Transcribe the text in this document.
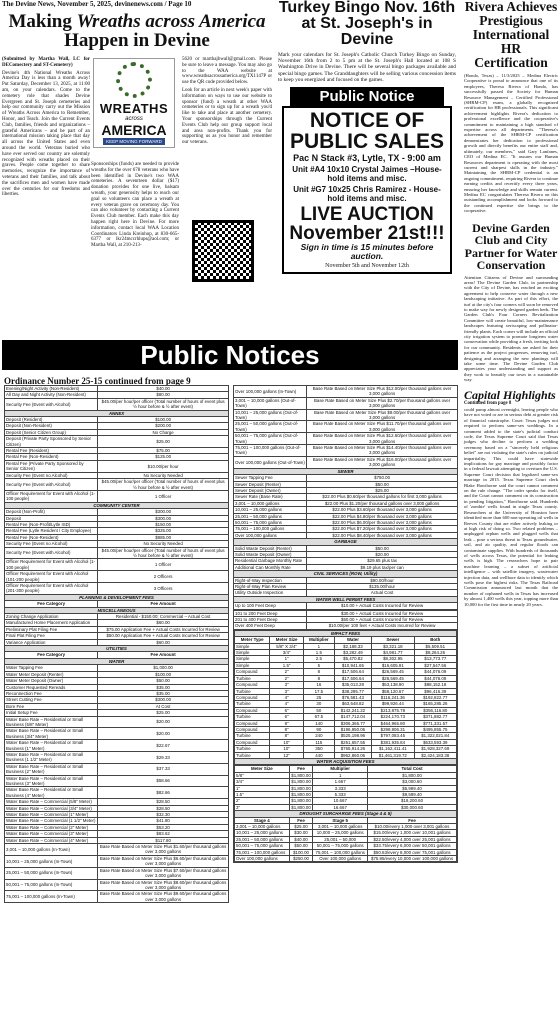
The Devine News, November 5, 2025, devinenews.com / Page 10
Making Wreaths across America
Happen in Devine
(Submitted by Martha Wall, LC for DEComectery and ST-Cemetery)
Devine's 4th National Wreaths Across America Day is less than a month away! Put Saturday, December 13, 2025, at 11:00 am, on your calendars. Come to the cemetery role that shades Devine Evergreen and St. Joseph cemeteries and help our community carry out the Mission of Wreaths Across America to Remember, Honor, and Teach. Join the Current Events Club, families, friends and organizations – grateful Americans – and be part of an international mission taking place that day all across the United States and even around the world. Veterans buried who have ever served our country are solemnly recognized with wreaths placed on their graves. People come together to share memories, recognize the importance of veterans and their families, and talk about the sacrifices men and women have made over the centuries for our freedoms and liberties.
WREATHS
across
AMERICA
KEEP MOVING FORWARD
Sponsorships (funds) are needed to provide wreaths for the over 678 veterans who have been identified in Devine's two WAA cemeteries. A sevenrteen dollar ($17) donation provides for one live, balsam wreath, your generosity helps to reach our goal so volunteers can place a wreath at every veteran grave on ceremony day. You can also volunteer by contacting a Current Events Club member. Each make this day happen right here in Devine. For more information, contact local WAA Location Coordinators Linda Kreinhop, at 830-665-6377 or lkr24mccrhlups@aol.com; or Martha Wall, at 210-213-
5620 or marthajbwall@gmail.com. Please be sure to leave a message. You may also go to the WAA website at www.wreathsacrossamerica.org/TX1147P or use the QR code provided below.
Look for an article in next week's paper with information on ways to use our website to sponsor (fund) a wreath at other WAA cemeteries or to sign up for a wreath you'd like to take and place at another cemetery. Your sponsorships through the Current Events Club help our group support local and area non-profits. Thank you for supporting us as you honor and remember our veterans.
Turkey Bingo Nov. 16th at St. Joseph's in Devine
Mark your calendars for St. Joseph's Catholic Church Turkey Bingo on Sunday, November 16th from 2 to 5 pm at the St. Joseph's Hall located at 108 S Washington Drive in Devine. There will be several bingo packages available and special bingo games. The Granddaughters will be selling various concession items to keep you energized and focused on the games.
Public Notice
NOTICE OF PUBLIC SALES
Pac N Stack #3, Lytle, TX - 9:00 am
Unit #A4 10x10 Crystal Jaimes –House-hold items and misc.
Unit #G7 10x25 Chris Ramirez - House-hold items and misc.
LIVE AUCTION November 21st!!!
Sign in time is 15 minutes before auction.
November 5th and November 12th
Rivera Achieves Prestigious International HR Certification
(Hondo, Texas) – 11/3/2025 – Medina Electric Cooperative is proud to announce that one of its employees, Theresa Rivera of Hondo, has successfully passed the Society for Human Resource Management – Certified Professional (SHRM-CP) exam, a globally recognized certification for HR professionals. This significant achievement highlights Rivera's dedication to professional excellence and the cooperative's commitment to maintaining a high standard of expertise across all departments. "Theresa's achievement of the SHRM-CP certification demonstrates her dedication to professional growth and directly benefits our entire staff and, ultimately, our members," said Gary Lanfanes, CEO of Medina EC. "It assures our Human Resources department is operating with the most current and sharpest skills in the industry." Maintaining the SHRM-CP credential is an ongoing commitment, requiring Rivera to continue earning credits and recertify every three years, ensuring her knowledge and skills remain current. Medina EC congratulates Theresa Rivera on this outstanding accomplishment and looks forward to the continued expertise she brings to the cooperative.
Devine Garden Club and City Partner for Water Conservation
Attention Citizens of Devine and surrounding areas! The Devine Garden Club, in partnership with the City of Devine, has reached an exciting agreement to help conserve water through a new landscaping initiative. As part of this effort, the turf at the city's four corners will soon be removed to make way for newly designed garden beds. The Garden Club's Four Corners Revitalization Committee will create beautiful, low-maintenance landscapes featuring xeriscaping and pollinator-friendly plants. Each corner will include an official city irrigation system to promote longterm water conservation while providing a fresh, inviting look for our community. Residents are asked for their patience as the project progresses, removing turf, designing and arranging the new plantings will take some time. The Devine Garden Club appreciates your understanding and support as they work to beautify our town in a sustainable way.
Capital Highlights
Continued from page 8
could pump almost overnight, leaving people who have not voted or are in serious debt at greater risk of financial catastrophe. Court: Texas judges not required to perform same-sex weddings. In a comment added to the state's judicial conduct code, the Texas Supreme Court said that Texas judges who decline to perform a wedding ceremony based on a "sincerely held religious belief" are not violating the state's rules on judicial impartiality. This could have statewide implications for gay marriage and possibly factor in a federal lawsuit attempting to overturn the U.S. Supreme Court decision that legalized same-sex marriage in 2015. Texas Supreme Court clerk Blake Hawthorne said the court cannot comment on the rule change. "The order speaks for itself, and the Court cannot comment on its construction in pending litigation," Hawthorne said. Hundreds of 'zombie' wells found in single Texas county. Researchers at the University of Houston have identified more than 600 non-operating oil wells in Reeves County that are either actively leaking or at high risk of doing so. Two related problems – unplugged orphan wells and plugged wells that leak – pose a serious threat to Texas groundwater, soil, and air quality, and regular floods can contaminate supplies. With hundreds of thousands of wells across Texas, the potential for leaking wells is high. The researchers hope to pair machine learning – a subset of artificial intelligence – with satellite imagery, wastewater injection data, and wellbore data to identify which wells pose the highest risks. The Texas Railroad Commission announced last month that the number of orphaned wells in Texas has increased by almost 1,400 wells this year, topping more than 10,000 for the first time in nearly 20 years.
Public Notices
Ordinance Number 25-15 continued from page 9
Evening/Night Activity (Non-Resident)	$40.00
All Day and Night Activity (Non-Resident)	$80.00
Security Fee (Event with Alcohol)	$45.00/per hour/per officer (Total number of hours of event plus ½ hour before & ½ after event)
ANNEX	
Deposit (Resident)	$100.00
Deposit (Non-Resident)	$200.00
Deposit (Senior Citizen Group)	No Charge
Deposit (Private Party Sponsored by Senior Citizen)	$25.00
Rental Fee (Resident)	$75.00
Rental Fee (Non-Resident)	$125.00
Rental Fee (Private Party Sponsored by Senior Citizen)	$10.00/per hour
Security Fee (Event no Alcohol)	No Security Needed
Security Fee (Event with Alcohol)	$45.00/per hour/per officer (Total number of hours of event plus ½ hour before & ½ after event)
Officer Requirement for Event with Alcohol (1-100 people)	1 Officer
COMMUNITY CENTER	
Deposit (Non-Profit)	$300.00
Deposit	$300.00
Rental Fee (Non-Profit/Lytle ISD)	$150.00
Rental Fee (Lytle Resident / City Employee)	$325.00
Rental Fee (Non-Resident)	$885.00
Security Fee (Event no Alcohol)	No Security Needed
Security Fee (Event with Alcohol)	$45.00/per hour/per officer (Total number of hours of event plus ½ hour before & ½ after event)
Officer Requirement for Event with Alcohol (1-100 people)	1 Officer
Officer Requirement for Event with Alcohol (101-200 people)	2 Officers
Officer Requirement for Event with Alcohol (201-300 people)	3 Officers
PLANNING & DEVELOPMENT FEES	
Fee Category	Fee Amount
MISCELLANEOUS	
Zoning Change Application	Residential - $150.00; Commercial – Actual Cost
Manufactured Home Placement Application	$60.00
Preliminary Plat Filing Fee	$75.00 Application Fee + Actual Costs Incurred for Review
Final Plat Filing Fee	$50.00 Application Fee + Actual Costs Incurred for Review
Variance Application	$60.00
UTILITIES	
Fee Category	Fee Amount
WATER	
Water Tapping Fee	$1,000.00
Water Meter Deposit (Renter)	$100.00
Water Meter Deposit (Owner)	$50.00
Customer Requested Rereads	$35.00
Reconnection Fee	$35.00
Street Cutting Fee	$300.00
Bore Fee	At Cost
Initial Setup Fee	$25.00
Water Base Rate – Residential or Small Business (5/8" Meter)	$20.00
Water Base Rate – Residential or Small Business (3/4" Meter)	$20.00
Water Base Rate – Residential or Small Business (1" Meter)	$22.67
Water Base Rate – Residential or Small Business (1 1/2" Meter)	$29.33
Water Base Rate – Residential or Small Business (2" Meter)	$37.33
Water Base Rate – Residential or Small Business (3" Meter)	$58.66
Water Base Rate – Residential or Small Business (4" Meter)	$82.66
Water Base Rate – Commercial (5/8" Meter)	$28.50
Water Base Rate – Commercial (3/4" Meter)	$28.50
Water Base Rate – Commercial (1" Meter)	$32.30
Water Base Rate – Commercial (1 1/2" Meter)	$41.80
Water Base Rate – Commercial (2" Meter)	$53.20
Water Base Rate – Commercial (3" Meter)	$83.62
Water Base Rate – Commercial (4" Meter)	$117.80
3,001 – 10,000 gallons (In-Town)	Base Rate Based on Meter Size Plus $1.60/per thousand gallons over 3,000 gallons
10,001 – 25,000 gallons (In-Town)	Base Rate Based on Meter Size Plus $6.60/per thousand gallons over 3,000 gallons
25,001 – 50,000 gallons (In-Town)	Base Rate Based on Meter Size Plus $7.60/per thousand gallons over 3,000 gallons
50,001 – 75,000 gallons (In-Town)	Base Rate Based on Meter Size Plus $8.60/per thousand gallons over 3,000 gallons
75,001 – 100,000 gallons (In-Town)	Base Rate Based on Meter Size Plus $9.60/per thousand gallons over 3,000 gallons
Over 100,000 gallons (In-Town)	Base Rate Based on Meter Size Plus $12.00/per thousand gallons over 3,000 gallons
3,001 – 10,000 gallons (Out-of-Town)	Base Rate Based on Meter Size Plus $2.70/per thousand gallons over 3,000 gallons
10,001 – 25,000 gallons (Out-of-Town)	Base Rate Based on Meter Size Plus $9.00/per thousand gallons over 3,000 gallons
25,001 – 50,000 gallons (Out-of-Town)	Base Rate Based on Meter Size Plus $11.70/per thousand gallons over 3,000 gallons
50,001 – 75,000 gallons (Out-of-Town)	Base Rate Based on Meter Size Plus $12.60/per thousand gallons over 3,000 gallons
75,001 – 100,000 gallons (Out-of-Town)	Base Rate Based on Meter Size Plus $14.40/per thousand gallons over 3,000 gallons
Over 100,000 gallons (Out-of-Town)	Base Rate Based on Meter Size Plus $16.00/per thousand gallons over 3,000 gallons
SEWER
Sewer Tapping Fee	$750.00
Sewer Deposit (Renter)	$50.00
Sewer Deposit (Owner)	$25.00
Sewer Rate (Base Rate)	$22.00 Plus $0.60/per thousand gallons for first 3,000 gallons
3,001 – 10,000 gallons	$22.00 Plus $1.20/per thousand gallons over 3,000 gallons
10,001 – 25,000 gallons	$22.00 Plus $3.60/per thousand over 3,000 gallons
25,001 – 50,000 gallons	$22.00 Plus $4.80/per thousand over 3,000 gallons
50,001 – 75,000 gallons	$22.00 Plus $6.00/per thousand over 3,000 gallons
75,001 – 100,000 gallons	$22.00 Plus $7.20/per thousand over 3,000 gallons
Over 100,000 gallons	$22.00 Plus $8.40/per thousand over 3,000 gallons
GARBAGE
Solid Waste Deposit (Renter)	$50.00
Solid Waste Deposit (Owner)	$20.00
Residential Garbage Monthly Rate	$29.65 plus tax
Additional Can Monthly Rate	$9.19 plus tax/per can
CIVIL SERVICES (ROW, Utility)
Right-of-Way Inspection	$90.00/hour
Right-of-Way Plan Review	$135.00/hour
Utility Outside Inspection	Actual Cost
WATER WELL PERMIT FEES
Up to 100 Feet Deep	$10.00 + Actual Costs Incurred for Review

101 to 200 Feet Deep	$30.00 + Actual Costs Incurred for Review
201 to 400 Feet Deep	$50.00 + Actual Costs Incurred for Review
Over 400 Feet Deep	$10.00/per 100 feet + Actual Costs Incurred for Review

IMPACT FEES
Meter Type	Meter Size	Multiplier	Water	Sewer	Both
Simple	5/8" X 3/4"	1	$2,188.33	$3,321.18	$5,509.51
Simple	3/4"	1.5	$3,282.49	$4,981.77	$8,264.26
Simple	1"	2.5	$5,470.82	$8,302.95	$13,773.77
Simple	1.5"	5	$10,941.65	$16,605.91	$27,547.56
Compound	2"	8	$17,506.64	$26,569.45	$44,076.09
Turbine	2"	8	$17,506.64	$26,569.45	$44,076.09
Compound	3"	16	$35,013.28	$53,138.90	$88,152.18
Turbine	3"	17.5	$38,295.77	$58,120.67	$96,416.39
Compound	4"	25	$76,581.43	$116,241.36	$192,822.77
Turbine	4"	30	$63,648.82	$99,926.44	$165,285.26
Compound	6"	50	$142,241.22	$213,875.78	$356,116.80
Turbine	6"	67.5	$147,712.04	$224,170.73	$371,882.77
Compound	8"	140	$306,365.77	$464,965.80	$771,331.57
Compound	8"	90	$196,950.06	$298,906.31	$495,855.75
Turbine	8"	240	$525,198.96	$797,083.45	$1,322,021.84
Compound	10"	115	$251,657.55	$381,935.84	$633,593.39
Turbine	10"	350	$765,914.26	$1,162,411.41	$1,928,327.69
Turbine	12"	440	$962,860.06	$1,461,319.72	$2,424,183.38
WATER ACQUISITION FEES
Meter Size	Fee	Multiplier	Total Cost
5/8"	$1,800.00	1	$1,800.00
3/4"	$1,800.00	1.667	$3,000.60
1"	$1,800.00	3.333	$5,999.40
1.5"	$1,800.00	5.333	$9,599.40
2"	$1,800.00	10.667	$19,200.60
3"	$1,800.00	16.667	$30,000.60
DROUGHT SURCHARGE FEES (Stage 4 & 5)
Stage 4	Fee	Stage 5	Fee
3,001 – 10,000 gallons	$25.00	3,001 – 10,000 gallons	$10.00/every 1,000 over 3,001 gallons
10,001 – 25,000 gallons	$30.00	10,000 – 25,000 gallons	$15.00/every 1,000 over 10,001 gallons
25,001 – 50,000 gallons	$40.00	25,001 – 50,000	$22.50/every 4,000 over 25,001 gallons
50,001 – 75,000 gallons	$50.00	50,001 – 75,000 gallons	$33.75/every 6,000 over 50,001 gallons
75,001 – 100,000 gallons	$100.00	75,001 – 100,000 gallons	$50.63/every 8,000 over 75,001 gallons
Over 100,000 gallons	$250.00	Over 100,000 gallons	$75.95/every 10,000 over 100,000 gallons
